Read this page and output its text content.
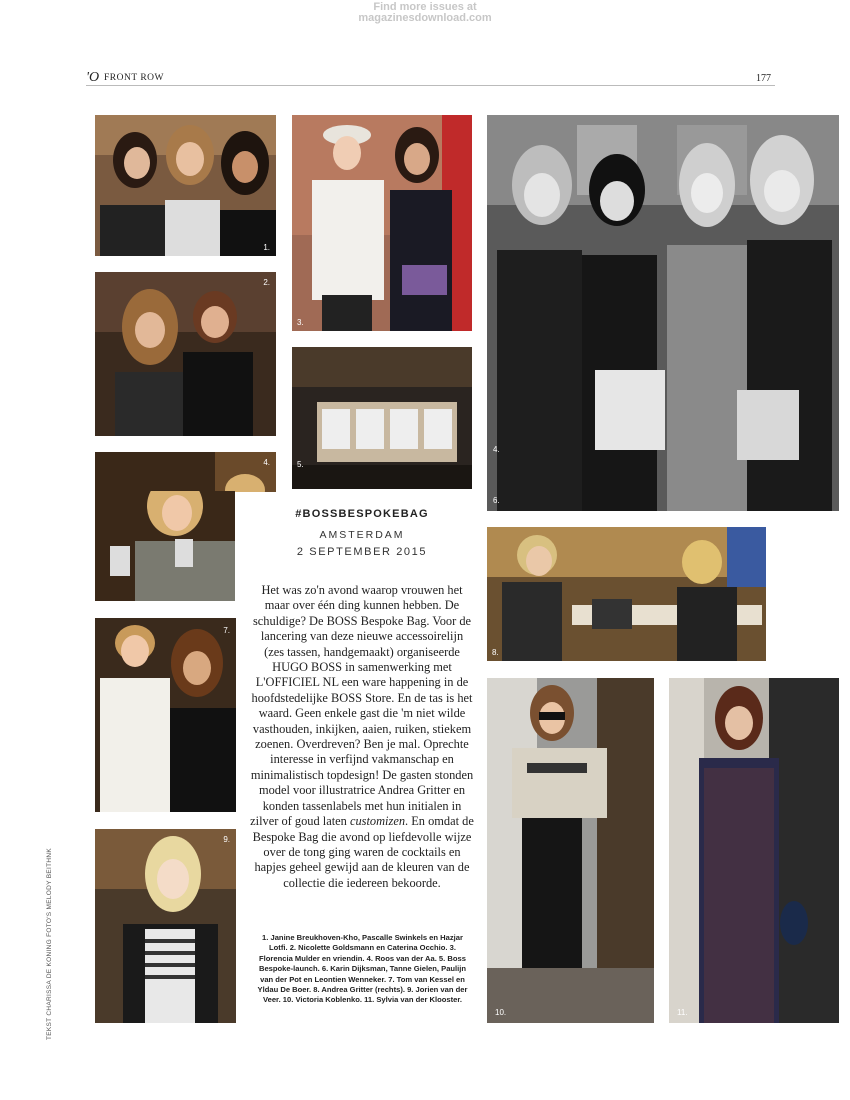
Find more issues at
magazinesdownload.com
'O FRONT ROW	177
1.
2.
3.
5.
6.
4.
4.
7.
9.
8.
10.	11.
#BOSSBESPOKEBAG
AMSTERDAM
2 SEPTEMBER 2015

Het was zo'n avond waarop vrouwen het maar over één ding kunnen hebben. De schuldige? De BOSS Bespoke Bag. Voor de lancering van deze nieuwe accessoirelijn (zes tassen, handgemaakt) organiseerde HUGO BOSS in samenwerking met L'OFFICIEL NL een ware happening in de hoofdstedelijke BOSS Store. En de tas is het waard. Geen enkele gast die 'm niet wilde vasthouden, inkijken, aaien, ruiken, stiekem zoenen. Overdreven? Ben je mal. Oprechte interesse in verfijnd vakmanschap en minimalistisch topdesign! De gasten stonden model voor illustratrice Andrea Gritter en konden tassenlabels met hun initialen in zilver of goud laten customizen. En omdat de Bespoke Bag die avond op liefdevolle wijze over de tong ging waren de cocktails en hapjes geheel gewijd aan de kleuren van de collectie die iedereen bekoorde.

1. Janine Breukhoven-Kho, Pascalle Swinkels en Hazjar Lotfi. 2. Nicolette Goldsmann en Caterina Occhio. 3. Florencia Mulder en vriendin. 4. Roos van der Aa. 5. Boss Bespoke-launch. 6. Karin Dijksman, Tanne Gielen, Paulijn van der Pot en Leontien Wenneker. 7. Tom van Kessel en Yldau De Boer. 8. Andrea Gritter (rechts). 9. Jorien van der Veer. 10. Victoria Koblenko. 11. Sylvia van der Klooster.
TEKST CHARISSA DE KONING FOTO'S MELODY BEITHNK
